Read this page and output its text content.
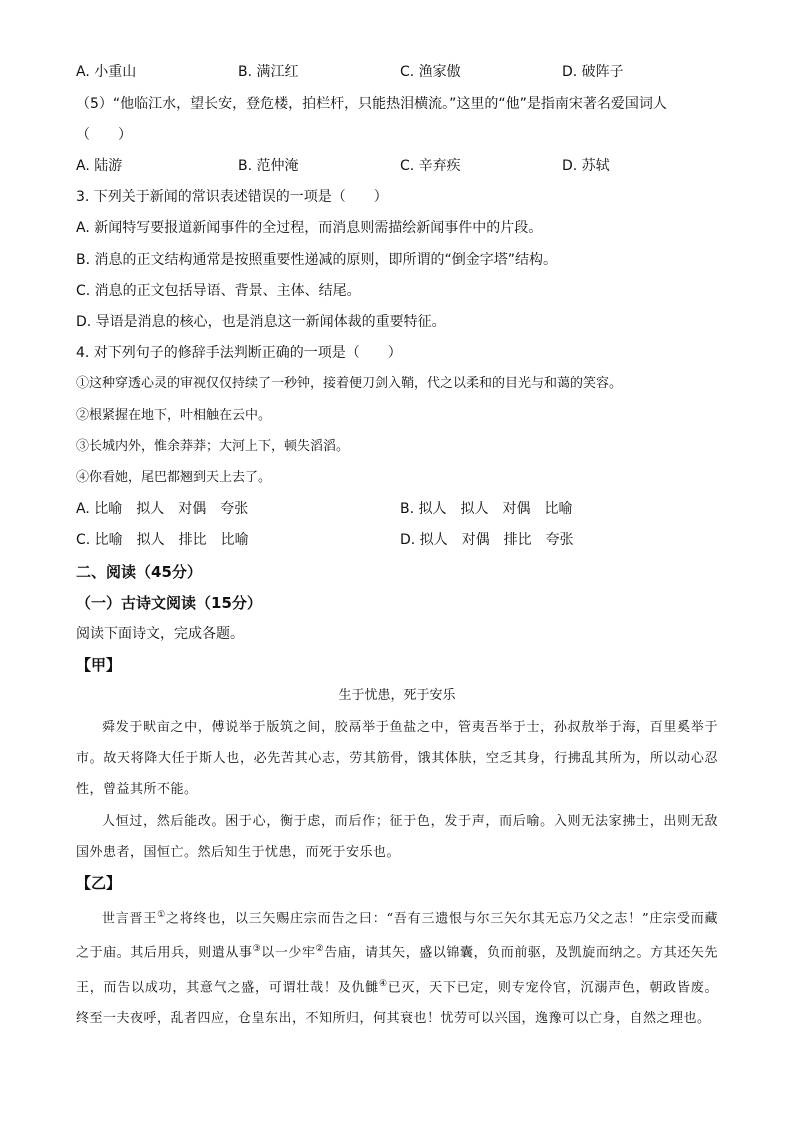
A. 小重山	B. 满江红	C. 渔家傲	D. 破阵子
（5）“他临江水，望长安，登危楼，拍栏杆，只能热泪横流。”这里的“他”是指南宋著名爱国词人
（　　）
A. 陆游	B. 范仲淹	C. 辛弃疾	D. 苏轼
3. 下列关于新闻的常识表述错误的一项是（　　）
A. 新闻特写要报道新闻事件的全过程，而消息则需描绘新闻事件中的片段。
B. 消息的正文结构通常是按照重要性递减的原则，即所谓的“倒金字塔”结构。
C. 消息的正文包括导语、背景、主体、结尾。
D. 导语是消息的核心，也是消息这一新闻体裁的重要特征。
4. 对下列句子的修辞手法判断正确的一项是（　　）
①这种穿透心灵的审视仅仅持续了一秒钟，接着便刀剑入鞘，代之以柔和的目光与和蔼的笑容。
②根紧握在地下，叶相触在云中。
③长城内外，惟余莽莽；大河上下，顿失滔滔。
④你看她，尾巴都翘到天上去了。
A. 比喻　拟人　对偶　夸张	B. 拟人　拟人　对偶　比喻
C. 比喻　拟人　排比　比喻	D. 拟人　对偶　排比　夸张
二、阅读（45分）
（一）古诗文阅读（15分）
阅读下面诗文，完成各题。
【甲】
生于忧患，死于安乐
舜发于畎亩之中，傅说举于版筑之间，胶鬲举于鱼盐之中，管夷吾举于士，孙叔敖举于海，百里奚举于市。故天将降大任于斯人也，必先苦其心志，劳其筋骨，饿其体肤，空乏其身，行拂乱其所为，所以动心忍性，曾益其所不能。
人恒过，然后能改。困于心，衡于虑，而后作；征于色，发于声，而后喻。入则无法家拂士，出则无敌国外患者，国恒亡。然后知生于忧患，而死于安乐也。
【乙】
世言晋王①之将终也，以三矢赐庄宗而告之曰：“吾有三遗恨与尔三矢尔其无忘乃父之志！”庄宗受而藏之于庙。其后用兵，则遣从事③以一少牢②告庙，请其矢，盛以锦囊，负而前驱，及凯旋而纳之。方其还矢先王，而告以成功，其意气之盛，可谓壮哉！及仇雠④已灭，天下已定，则专宠伶官，沉溺声色，朝政皆废。终至一夫夜呼，乱者四应，仓皇东出，不知所归，何其衰也！忧劳可以兴国，逸豫可以亡身，自然之理也。
